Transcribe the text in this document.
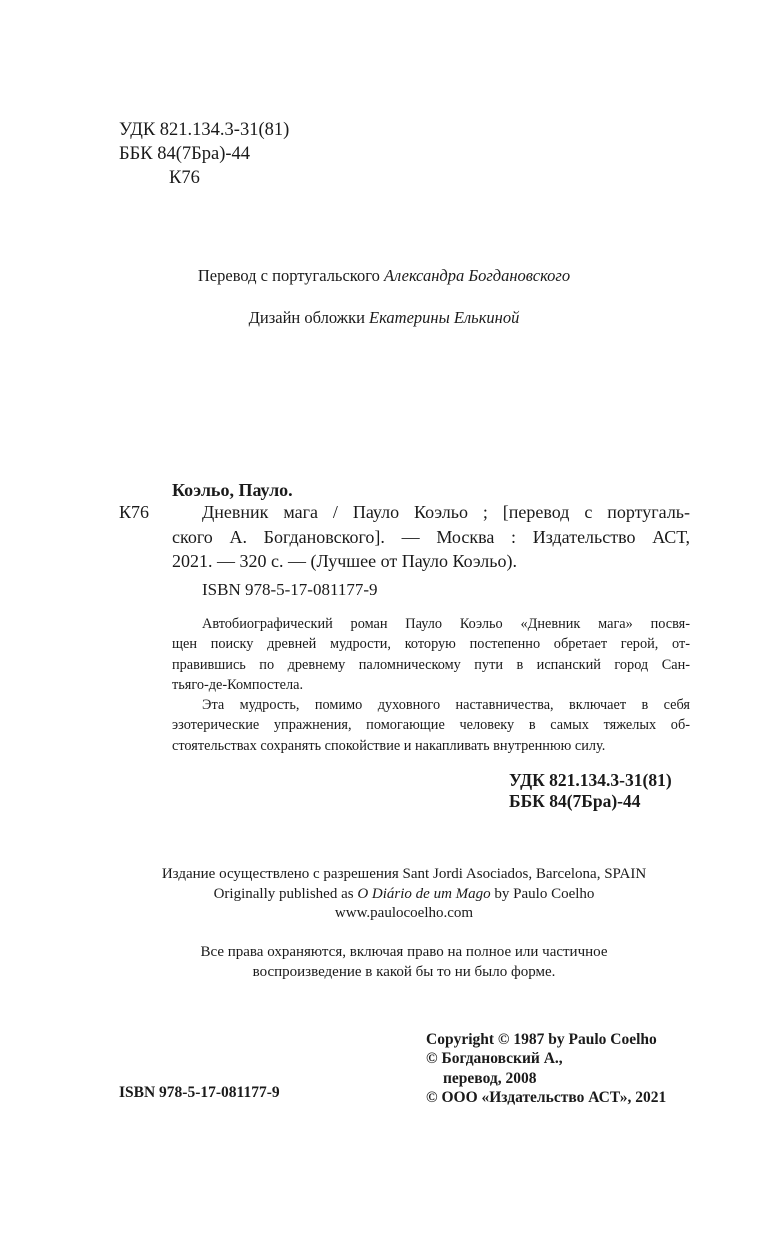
УДК 821.134.3-31(81)
ББК 84(7Бра)-44
К76
Перевод с португальского Александра Богдановского
Дизайн обложки Екатерины Елькиной
Коэльо, Пауло.
К76	Дневник мага / Пауло Коэльо ; [перевод с португаль-
ского А. Богдановского]. — Москва : Издательство АСТ,
2021. — 320 с. — (Лучшее от Пауло Коэльо).
ISBN 978-5-17-081177-9
Автобиографический роман Пауло Коэльо «Дневник мага» посвя-
щен поиску древней мудрости, которую постепенно обретает герой, от-
правившись по древнему паломническому пути в испанский город Сан-
тьяго-де-Компостела.
Эта мудрость, помимо духовного наставничества, включает в себя
эзотерические упражнения, помогающие человеку в самых тяжелых об-
стоятельствах сохранять спокойствие и накапливать внутреннюю силу.
УДК 821.134.3-31(81)
ББК 84(7Бра)-44
Издание осуществлено с разрешения Sant Jordi Asociados, Barcelona, SPAIN
Originally published as O Diário de um Mago by Paulo Coelho
www.paulocoelho.com
Все права охраняются, включая право на полное или частичное
воспроизведение в какой бы то ни было форме.
Copyright © 1987 by Paulo Coelho
© Богдановский А.,
перевод, 2008
© ООО «Издательство АСТ», 2021
ISBN 978-5-17-081177-9
